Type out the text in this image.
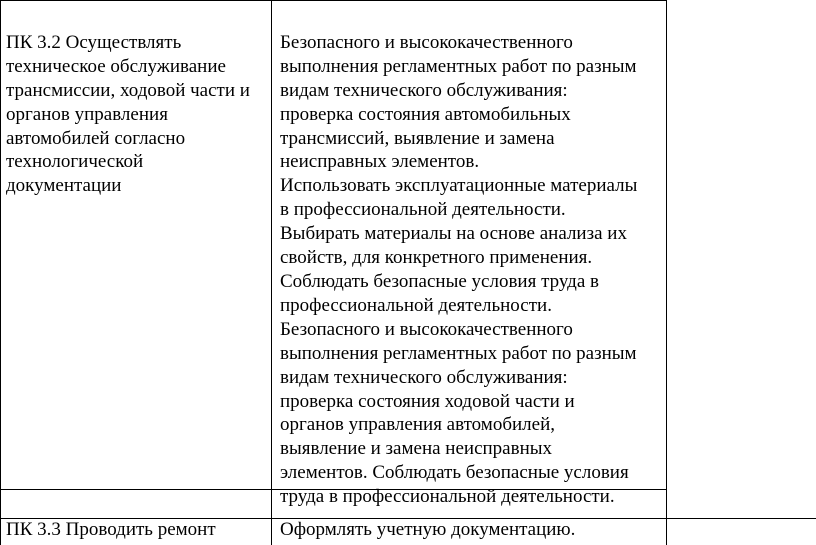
ПК 3.2 Осуществлять
техническое обслуживание
трансмиссии, ходовой части и
органов управления
автомобилей согласно
технологической
документации

Безопасного и высококачественного
выполнения регламентных работ по разным
видам технического обслуживания:
проверка состояния автомобильных
трансмиссий, выявление и замена
неисправных элементов.
Использовать эксплуатационные материалы
в профессиональной деятельности.
Выбирать материалы на основе анализа их
свойств, для конкретного применения.
Соблюдать безопасные условия труда в
профессиональной деятельности.
Безопасного и высококачественного
выполнения регламентных работ по разным
видам технического обслуживания:
проверка состояния ходовой части и
органов управления автомобилей,
выявление и замена неисправных
элементов. Соблюдать безопасные условия
труда в профессиональной деятельности.

ПК 3.3 Проводить ремонт	Оформлять учетную документацию.
